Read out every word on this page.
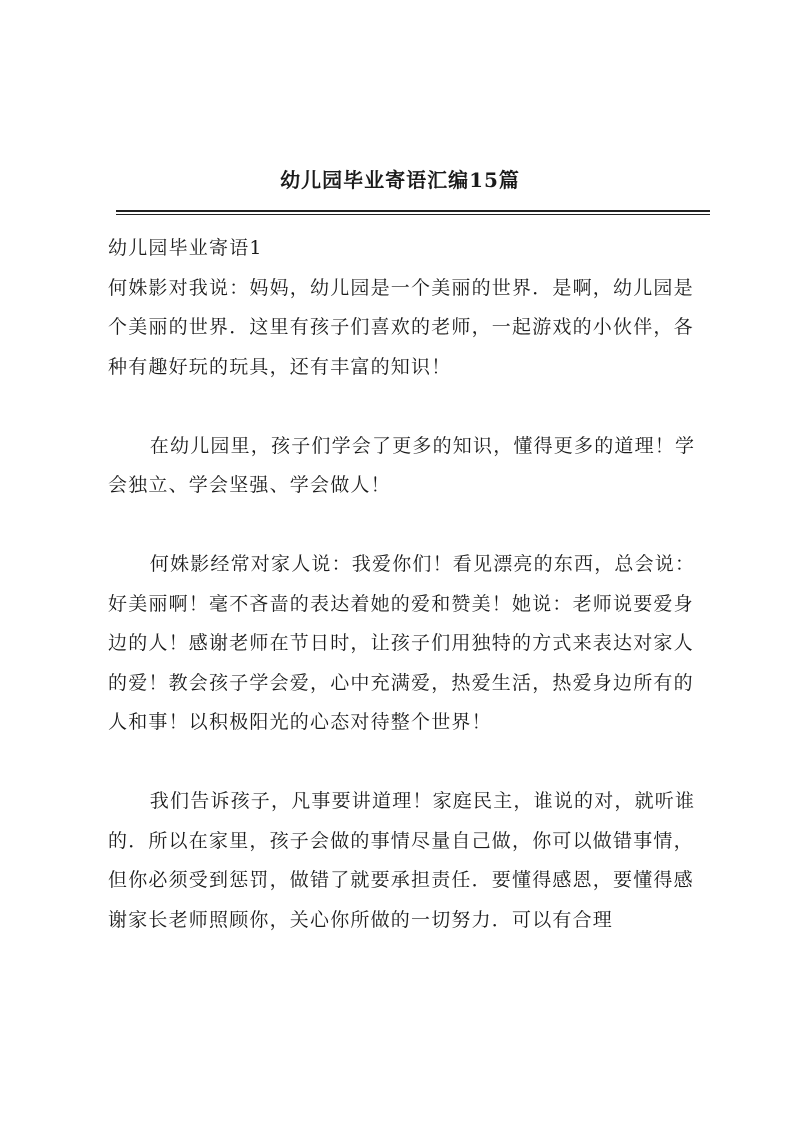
幼儿园毕业寄语汇编15篇

幼儿园毕业寄语1

何姝影对我说：妈妈，幼儿园是一个美丽的世界．是啊，幼儿园是个美丽的世界．这里有孩子们喜欢的老师，一起游戏的小伙伴，各种有趣好玩的玩具，还有丰富的知识！

在幼儿园里，孩子们学会了更多的知识，懂得更多的道理！学会独立、学会坚强、学会做人！

何姝影经常对家人说：我爱你们！看见漂亮的东西，总会说：好美丽啊！毫不吝啬的表达着她的爱和赞美！她说：老师说要爱身边的人！感谢老师在节日时，让孩子们用独特的方式来表达对家人的爱！教会孩子学会爱，心中充满爱，热爱生活，热爱身边所有的人和事！以积极阳光的心态对待整个世界！

我们告诉孩子，凡事要讲道理！家庭民主，谁说的对，就听谁的．所以在家里，孩子会做的事情尽量自己做，你可以做错事情，但你必须受到惩罚，做错了就要承担责任．要懂得感恩，要懂得感谢家长老师照顾你，关心你所做的一切努力．可以有合理
